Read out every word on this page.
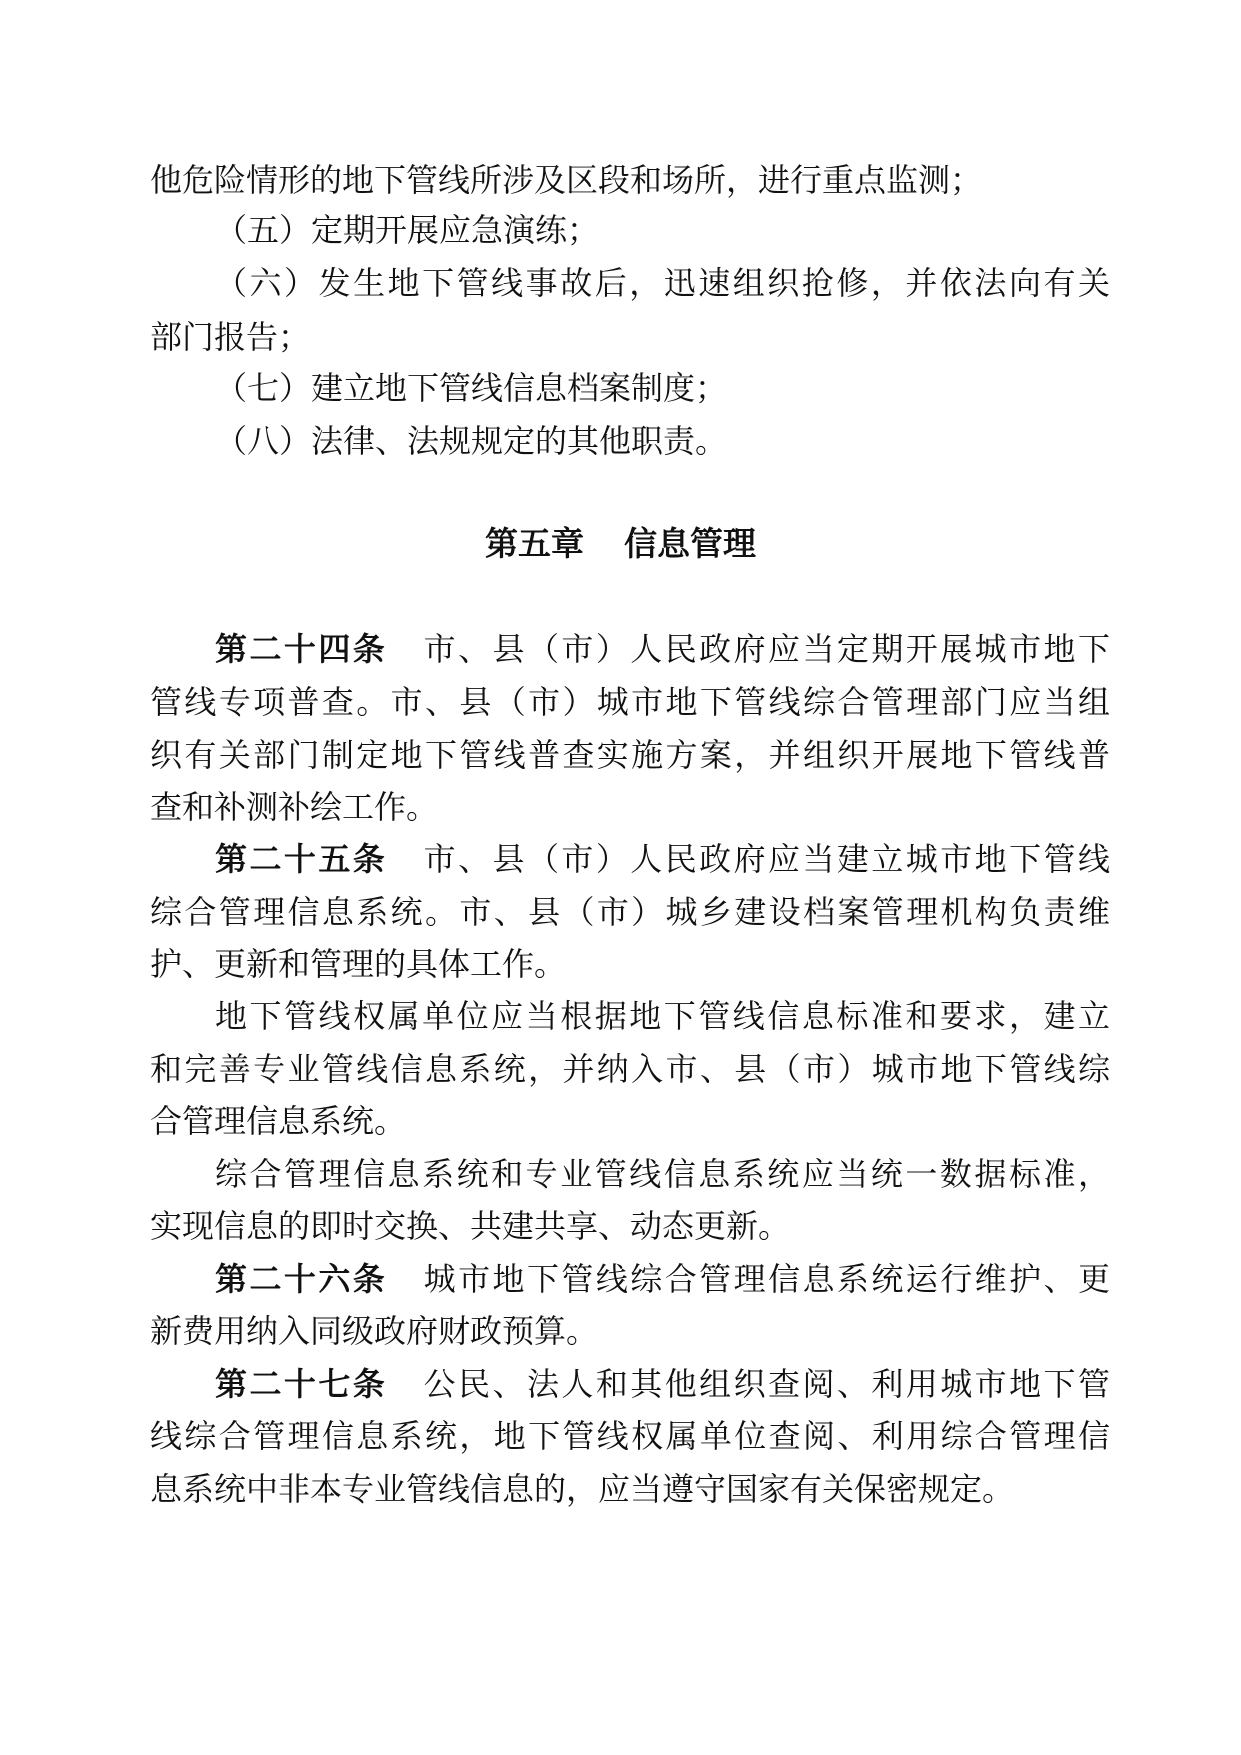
他危险情形的地下管线所涉及区段和场所，进行重点监测；
（五）定期开展应急演练；
（六）发生地下管线事故后，迅速组织抢修，并依法向有关
部门报告；
（七）建立地下管线信息档案制度；
（八）法律、法规规定的其他职责。
第五章 信息管理
第二十四条 市、县（市）人民政府应当定期开展城市地下
管线专项普查。市、县（市）城市地下管线综合管理部门应当组
织有关部门制定地下管线普查实施方案，并组织开展地下管线普
查和补测补绘工作。
第二十五条 市、县（市）人民政府应当建立城市地下管线
综合管理信息系统。市、县（市）城乡建设档案管理机构负责维
护、更新和管理的具体工作。
地下管线权属单位应当根据地下管线信息标准和要求，建立
和完善专业管线信息系统，并纳入市、县（市）城市地下管线综
合管理信息系统。
综合管理信息系统和专业管线信息系统应当统一数据标准，
实现信息的即时交换、共建共享、动态更新。
第二十六条 城市地下管线综合管理信息系统运行维护、更
新费用纳入同级政府财政预算。
第二十七条 公民、法人和其他组织查阅、利用城市地下管
线综合管理信息系统，地下管线权属单位查阅、利用综合管理信
息系统中非本专业管线信息的，应当遵守国家有关保密规定。
